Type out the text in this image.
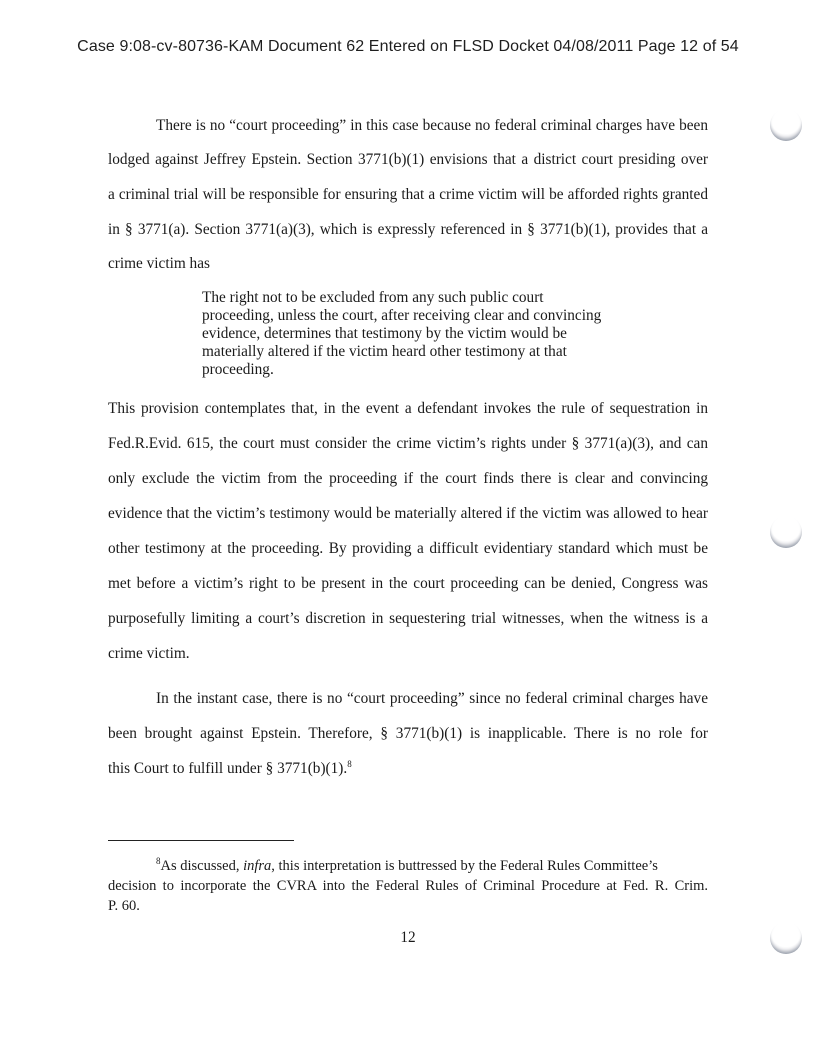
Case 9:08-cv-80736-KAM Document 62 Entered on FLSD Docket 04/08/2011 Page 12 of 54
There is no “court proceeding” in this case because no federal criminal charges have been
lodged against Jeffrey Epstein. Section 3771(b)(1) envisions that a district court presiding over
a criminal trial will be responsible for ensuring that a crime victim will be afforded rights granted
in § 3771(a). Section 3771(a)(3), which is expressly referenced in § 3771(b)(1), provides that a
crime victim has
The right not to be excluded from any such public court
proceeding, unless the court, after receiving clear and convincing
evidence, determines that testimony by the victim would be
materially altered if the victim heard other testimony at that
proceeding.
This provision contemplates that, in the event a defendant invokes the rule of sequestration in
Fed.R.Evid. 615, the court must consider the crime victim’s rights under § 3771(a)(3), and can
only exclude the victim from the proceeding if the court finds there is clear and convincing
evidence that the victim’s testimony would be materially altered if the victim was allowed to hear
other testimony at the proceeding. By providing a difficult evidentiary standard which must be
met before a victim’s right to be present in the court proceeding can be denied, Congress was
purposefully limiting a court’s discretion in sequestering trial witnesses, when the witness is a
crime victim.
In the instant case, there is no “court proceeding” since no federal criminal charges have
been brought against Epstein. Therefore, § 3771(b)(1) is inapplicable. There is no role for
this Court to fulfill under § 3771(b)(1).$^8$
$^8$As discussed, infra, this interpretation is buttressed by the Federal Rules Committee’s
decision to incorporate the CVRA into the Federal Rules of Criminal Procedure at Fed. R. Crim.
P. 60.
12
